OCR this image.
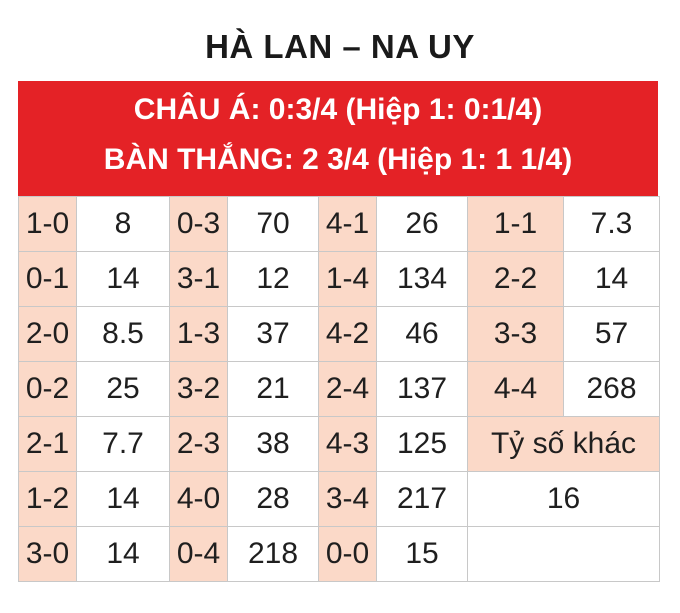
HÀ LAN – NA UY
CHÂU Á: 0:3/4 (Hiệp 1: 0:1/4)
BÀN THẮNG: 2 3/4 (Hiệp 1: 1 1/4)
1-0	8	0-3	70	4-1	26	1-1	7.3
0-1	14	3-1	12	1-4	134	2-2	14
2-0	8.5	1-3	37	4-2	46	3-3	57
0-2	25	3-2	21	2-4	137	4-4	268
2-1	7.7	2-3	38	4-3	125	Tỷ số khác	
1-2	14	4-0	28	3-4	217	16	
3-0	14	0-4	218	0-0	15		
